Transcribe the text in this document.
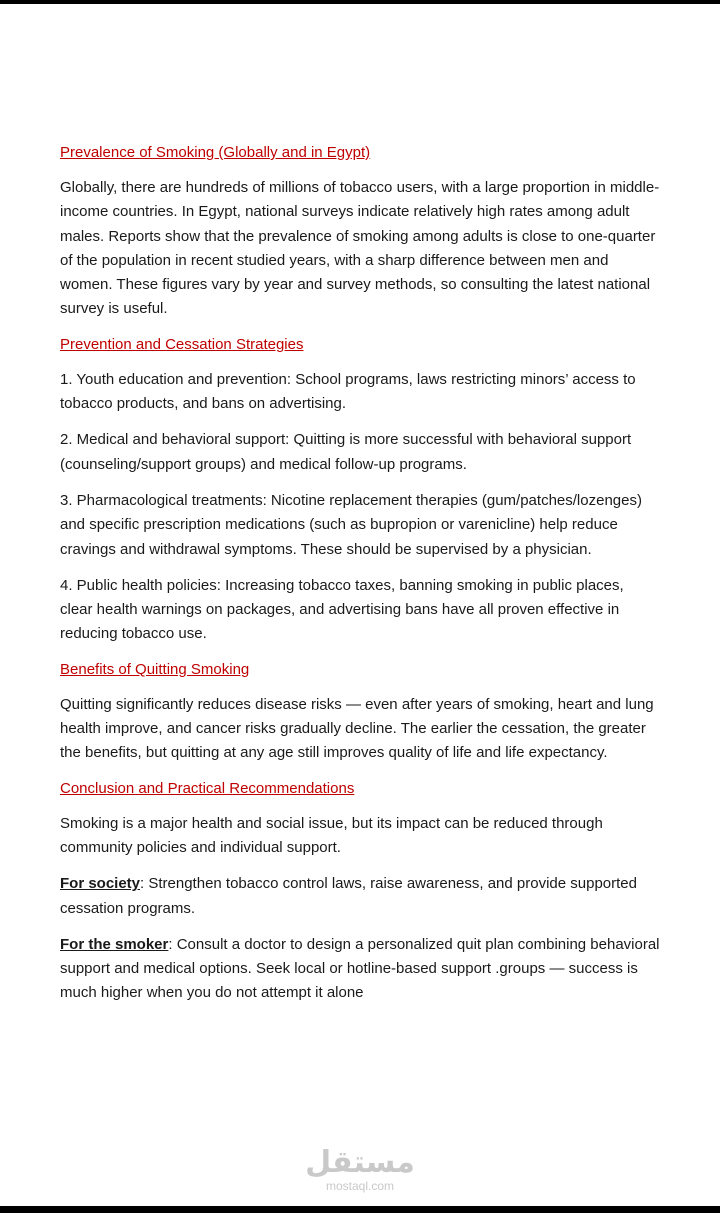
Prevalence of Smoking (Globally and in Egypt)

Globally, there are hundreds of millions of tobacco users, with a large proportion in middle-income countries. In Egypt, national surveys indicate relatively high rates among adult males. Reports show that the prevalence of smoking among adults is close to one-quarter of the population in recent studied years, with a sharp difference between men and women. These figures vary by year and survey methods, so consulting the latest national survey is useful.

Prevention and Cessation Strategies

1. Youth education and prevention: School programs, laws restricting minors’ access to tobacco products, and bans on advertising.

2. Medical and behavioral support: Quitting is more successful with behavioral support (counseling/support groups) and medical follow-up programs.

3. Pharmacological treatments: Nicotine replacement therapies (gum/patches/lozenges) and specific prescription medications (such as bupropion or varenicline) help reduce cravings and withdrawal symptoms. These should be supervised by a physician.

4. Public health policies: Increasing tobacco taxes, banning smoking in public places, clear health warnings on packages, and advertising bans have all proven effective in reducing tobacco use.

Benefits of Quitting Smoking

Quitting significantly reduces disease risks — even after years of smoking, heart and lung health improve, and cancer risks gradually decline. The earlier the cessation, the greater the benefits, but quitting at any age still improves quality of life and life expectancy.

Conclusion and Practical Recommendations

Smoking is a major health and social issue, but its impact can be reduced through community policies and individual support.

For society: Strengthen tobacco control laws, raise awareness, and provide supported cessation programs.

For the smoker: Consult a doctor to design a personalized quit plan combining behavioral support and medical options. Seek local or hotline-based support .groups — success is much higher when you do not attempt it alone

مستقل
mostaql.com
